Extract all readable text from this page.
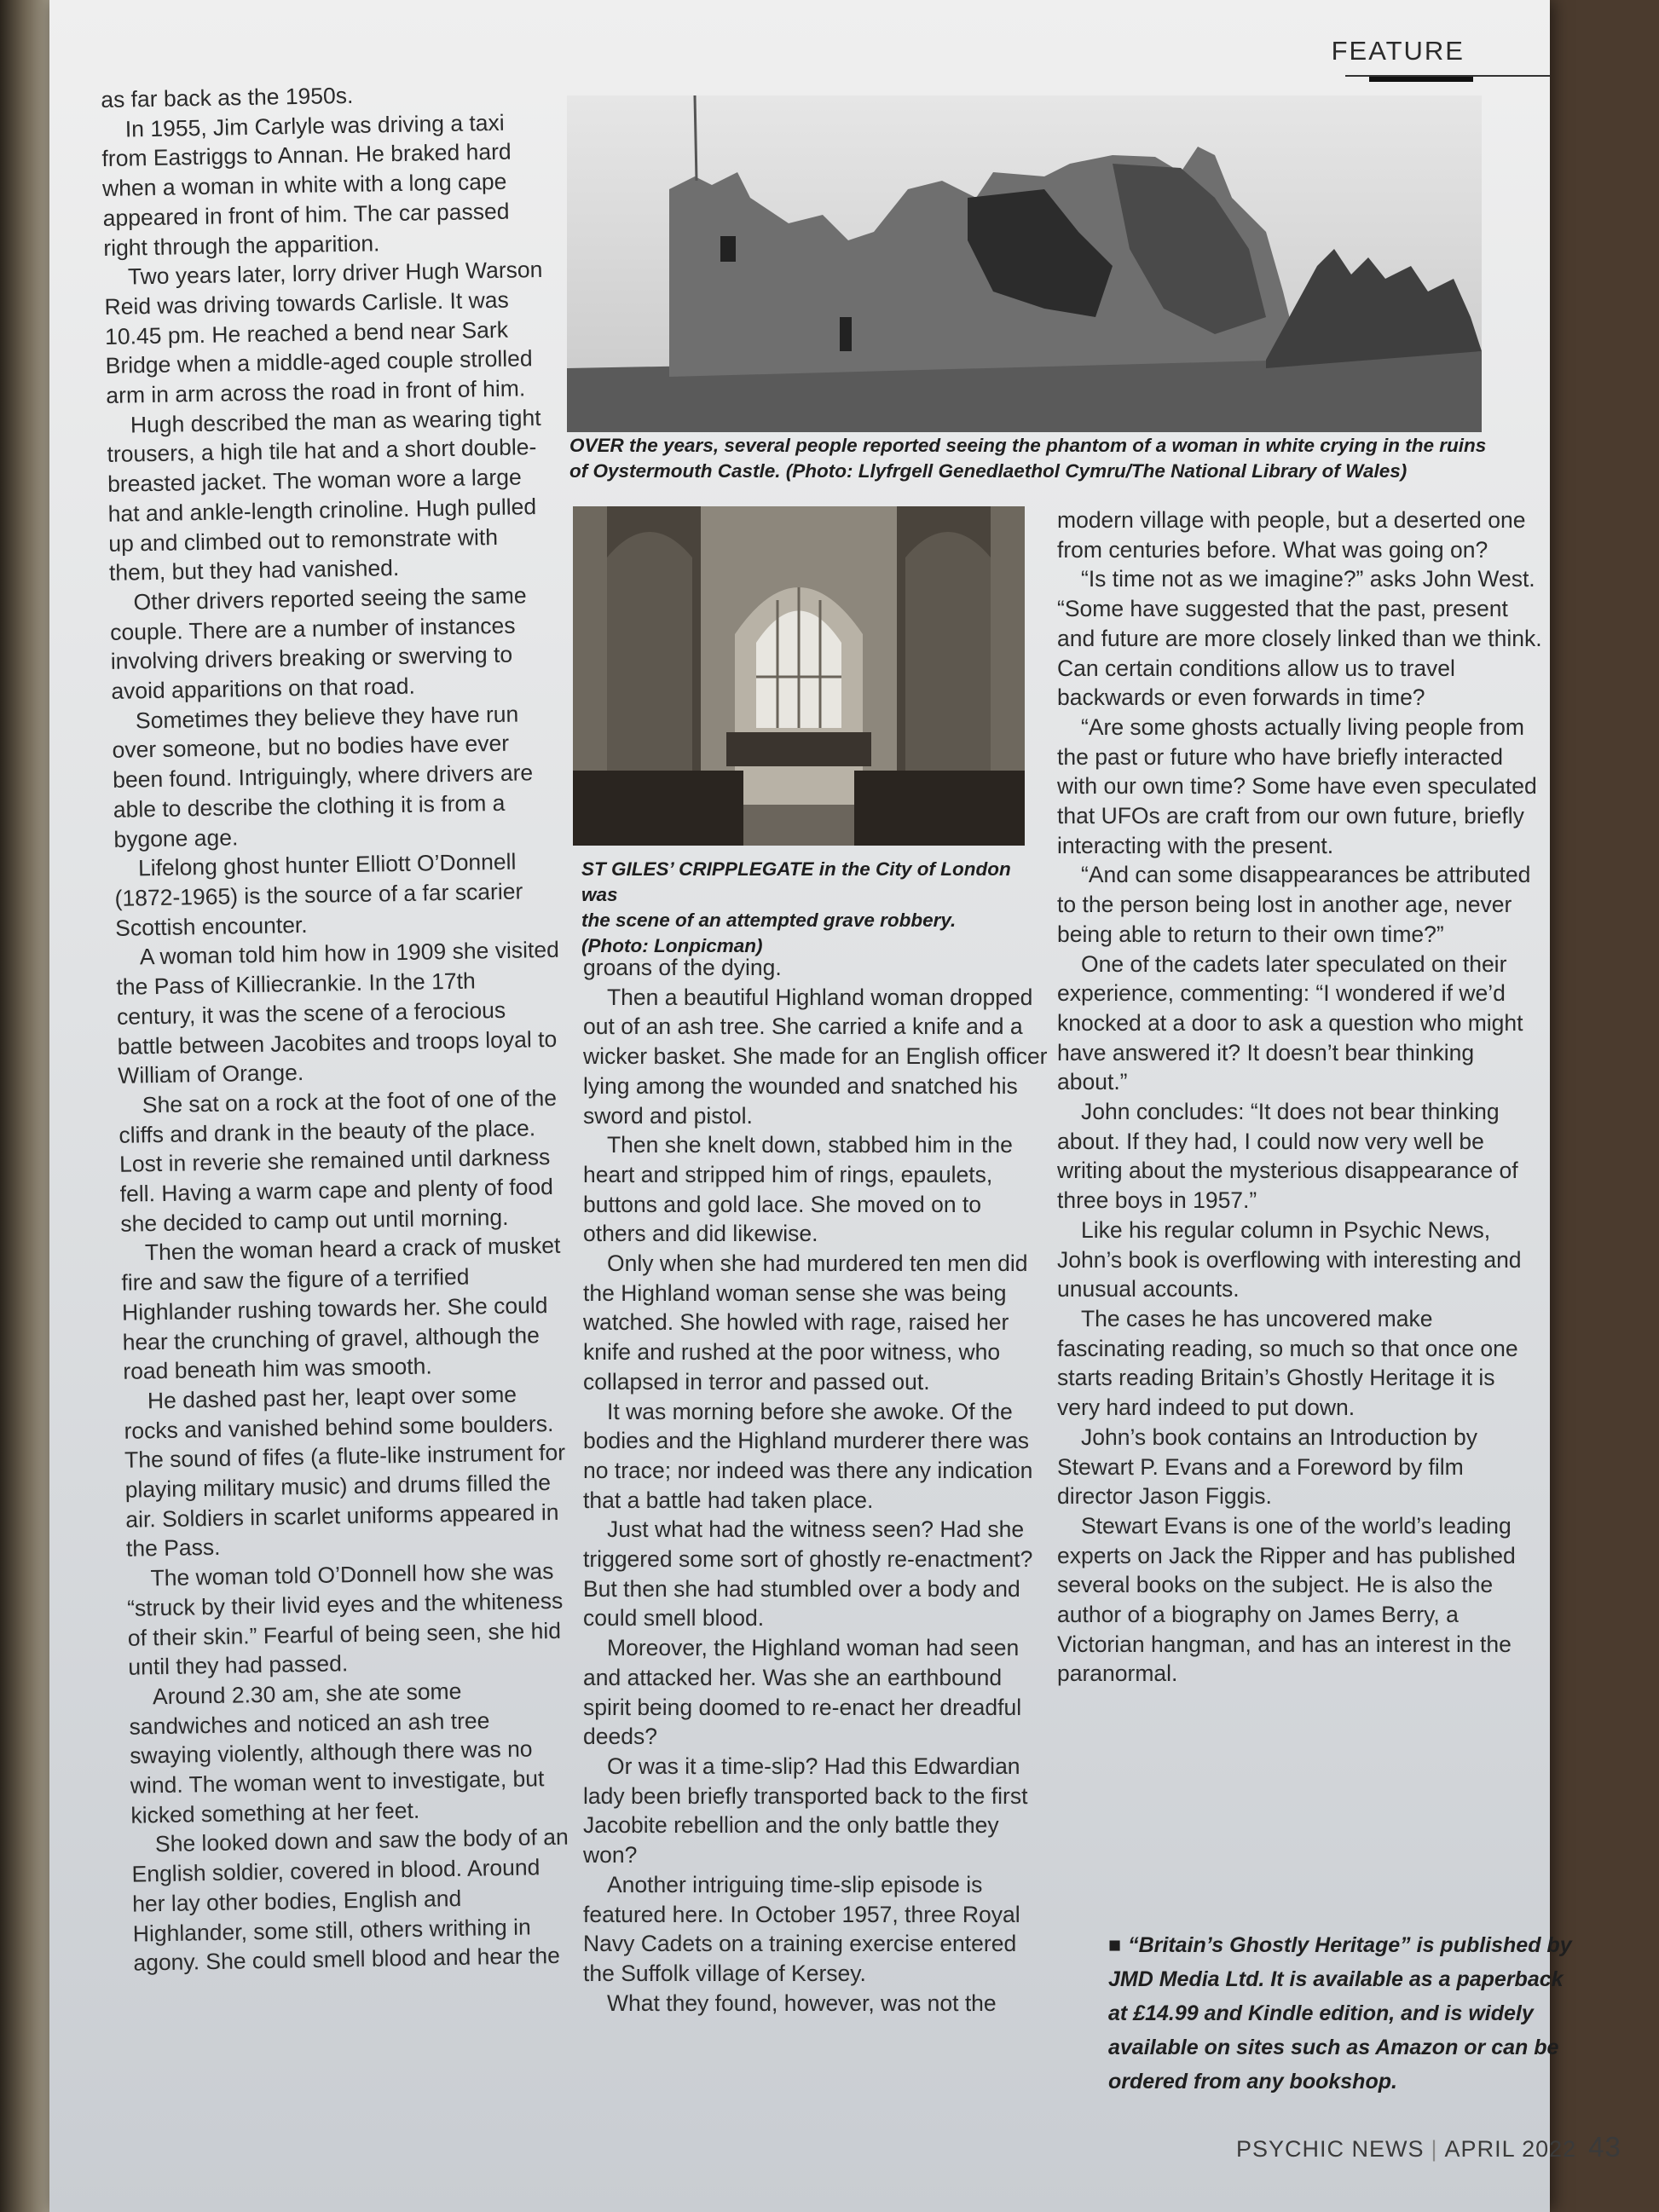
FEATURE

as far back as the 1950s.

In 1955, Jim Carlyle was driving a taxi from Eastriggs to Annan. He braked hard when a woman in white with a long cape appeared in front of him. The car passed right through the apparition.

Two years later, lorry driver Hugh Warson Reid was driving towards Carlisle. It was 10.45 pm. He reached a bend near Sark Bridge when a middle-aged couple strolled arm in arm across the road in front of him.

Hugh described the man as wearing tight trousers, a high tile hat and a short double-breasted jacket. The woman wore a large hat and ankle-length crinoline. Hugh pulled up and climbed out to remonstrate with them, but they had vanished.

Other drivers reported seeing the same couple. There are a number of instances involving drivers breaking or swerving to avoid apparitions on that road.

Sometimes they believe they have run over someone, but no bodies have ever been found. Intriguingly, where drivers are able to describe the clothing it is from a bygone age.

Lifelong ghost hunter Elliott O’Donnell (1872-1965) is the source of a far scarier Scottish encounter.

A woman told him how in 1909 she visited the Pass of Killiecrankie. In the 17th century, it was the scene of a ferocious battle between Jacobites and troops loyal to William of Orange.

She sat on a rock at the foot of one of the cliffs and drank in the beauty of the place. Lost in reverie she remained until darkness fell. Having a warm cape and plenty of food she decided to camp out until morning.

Then the woman heard a crack of musket fire and saw the figure of a terrified Highlander rushing towards her. She could hear the crunching of gravel, although the road beneath him was smooth.

He dashed past her, leapt over some rocks and vanished behind some boulders. The sound of fifes (a flute-like instrument for playing military music) and drums filled the air. Soldiers in scarlet uniforms appeared in the Pass.

The woman told O’Donnell how she was “struck by their livid eyes and the whiteness of their skin.” Fearful of being seen, she hid until they had passed.

Around 2.30 am, she ate some sandwiches and noticed an ash tree swaying violently, although there was no wind. The woman went to investigate, but kicked something at her feet.

She looked down and saw the body of an English soldier, covered in blood. Around her lay other bodies, English and Highlander, some still, others writhing in agony. She could smell blood and hear the

OVER the years, several people reported seeing the phantom of a woman in white crying in the ruins of Oystermouth Castle. (Photo: Llyfrgell Genedlaethol Cymru/The National Library of Wales)
ST GILES’ CRIPPLEGATE in the City of London was
the scene of an attempted grave robbery.
(Photo: Lonpicman)

groans of the dying.

Then a beautiful Highland woman dropped out of an ash tree. She carried a knife and a wicker basket. She made for an English officer lying among the wounded and snatched his sword and pistol.

Then she knelt down, stabbed him in the heart and stripped him of rings, epaulets, buttons and gold lace. She moved on to others and did likewise.

Only when she had murdered ten men did the Highland woman sense she was being watched. She howled with rage, raised her knife and rushed at the poor witness, who collapsed in terror and passed out.

It was morning before she awoke. Of the bodies and the Highland murderer there was no trace; nor indeed was there any indication that a battle had taken place.

Just what had the witness seen? Had she triggered some sort of ghostly re-enactment? But then she had stumbled over a body and could smell blood.

Moreover, the Highland woman had seen and attacked her. Was she an earthbound spirit being doomed to re-enact her dreadful deeds?

Or was it a time-slip? Had this Edwardian lady been briefly transported back to the first Jacobite rebellion and the only battle they won?

Another intriguing time-slip episode is featured here. In October 1957, three Royal Navy Cadets on a training exercise entered the Suffolk village of Kersey.

What they found, however, was not the

modern village with people, but a deserted one from centuries before. What was going on?

“Is time not as we imagine?” asks John West. “Some have suggested that the past, present and future are more closely linked than we think. Can certain conditions allow us to travel backwards or even forwards in time?

“Are some ghosts actually living people from the past or future who have briefly interacted with our own time? Some have even speculated that UFOs are craft from our own future, briefly interacting with the present.

“And can some disappearances be attributed to the person being lost in another age, never being able to return to their own time?”

One of the cadets later speculated on their experience, commenting: “I wondered if we’d knocked at a door to ask a question who might have answered it? It doesn’t bear thinking about.”

John concludes: “It does not bear thinking about. If they had, I could now very well be writing about the mysterious disappearance of three boys in 1957.”

Like his regular column in Psychic News, John’s book is overflowing with interesting and unusual accounts.

The cases he has uncovered make fascinating reading, so much so that once one starts reading Britain’s Ghostly Heritage it is very hard indeed to put down.

John’s book contains an Introduction by Stewart P. Evans and a Foreword by film director Jason Figgis.

Stewart Evans is one of the world’s leading experts on Jack the Ripper and has published several books on the subject. He is also the author of a biography on James Berry, a Victorian hangman, and has an interest in the paranormal.

■ “Britain’s Ghostly Heritage” is published by JMD Media Ltd. It is available as a paperback at £14.99 and Kindle edition, and is widely available on sites such as Amazon or can be ordered from any bookshop.
PSYCHIC NEWS | APRIL 2022 43
